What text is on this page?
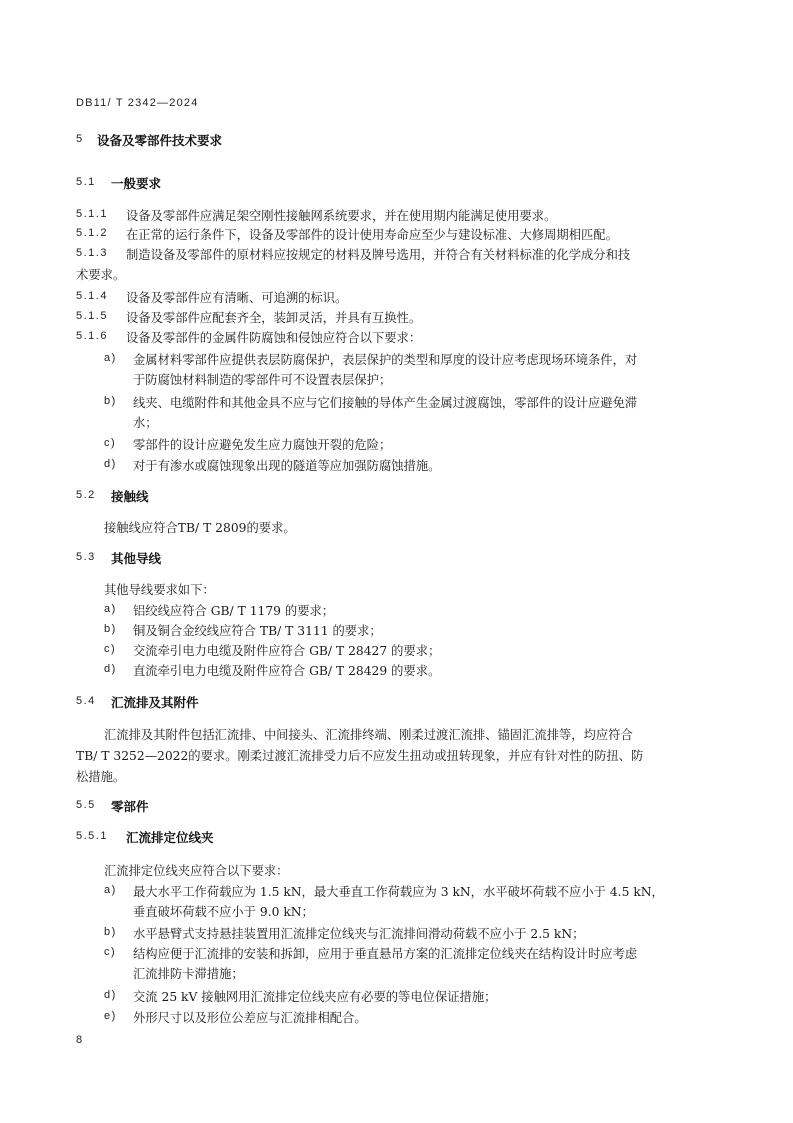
DB11/ T 2342—2024
5 设备及零部件技术要求
5.1 一般要求
5.1.1 设备及零部件应满足架空刚性接触网系统要求，并在使用期内能满足使用要求。
5.1.2 在正常的运行条件下，设备及零部件的设计使用寿命应至少与建设标准、大修周期相匹配。
5.1.3 制造设备及零部件的原材料应按规定的材料及牌号选用，并符合有关材料标准的化学成分和技
术要求。
5.1.4 设备及零部件应有清晰、可追溯的标识。
5.1.5 设备及零部件应配套齐全，装卸灵活，并具有互换性。
5.1.6 设备及零部件的金属件防腐蚀和侵蚀应符合以下要求：
a) 金属材料零部件应提供表层防腐保护，表层保护的类型和厚度的设计应考虑现场环境条件，对
于防腐蚀材料制造的零部件可不设置表层保护；
b) 线夹、电缆附件和其他金具不应与它们接触的导体产生金属过渡腐蚀，零部件的设计应避免滞
水；
c) 零部件的设计应避免发生应力腐蚀开裂的危险；
d) 对于有渗水或腐蚀现象出现的隧道等应加强防腐蚀措施。
5.2 接触线
接触线应符合TB/ T 2809的要求。
5.3 其他导线
其他导线要求如下：
a) 铝绞线应符合 GB/ T 1179 的要求；
b) 铜及铜合金绞线应符合 TB/ T 3111 的要求；
c) 交流牵引电力电缆及附件应符合 GB/ T 28427 的要求；
d) 直流牵引电力电缆及附件应符合 GB/ T 28429 的要求。
5.4 汇流排及其附件
汇流排及其附件包括汇流排、中间接头、汇流排终端、刚柔过渡汇流排、锚固汇流排等，均应符合
TB/ T 3252—2022的要求。刚柔过渡汇流排受力后不应发生扭动或扭转现象，并应有针对性的防扭、防
松措施。
5.5 零部件
5.5.1 汇流排定位线夹
汇流排定位线夹应符合以下要求：
a) 最大水平工作荷载应为 1.5 kN，最大垂直工作荷载应为 3 kN，水平破坏荷载不应小于 4.5 kN，
垂直破坏荷载不应小于 9.0 kN；
b) 水平悬臂式支持悬挂装置用汇流排定位线夹与汇流排间滑动荷载不应小于 2.5 kN；
c) 结构应便于汇流排的安装和拆卸，应用于垂直悬吊方案的汇流排定位线夹在结构设计时应考虑
汇流排防卡滞措施；
d) 交流 25 kV 接触网用汇流排定位线夹应有必要的等电位保证措施；
e) 外形尺寸以及形位公差应与汇流排相配合。
8
